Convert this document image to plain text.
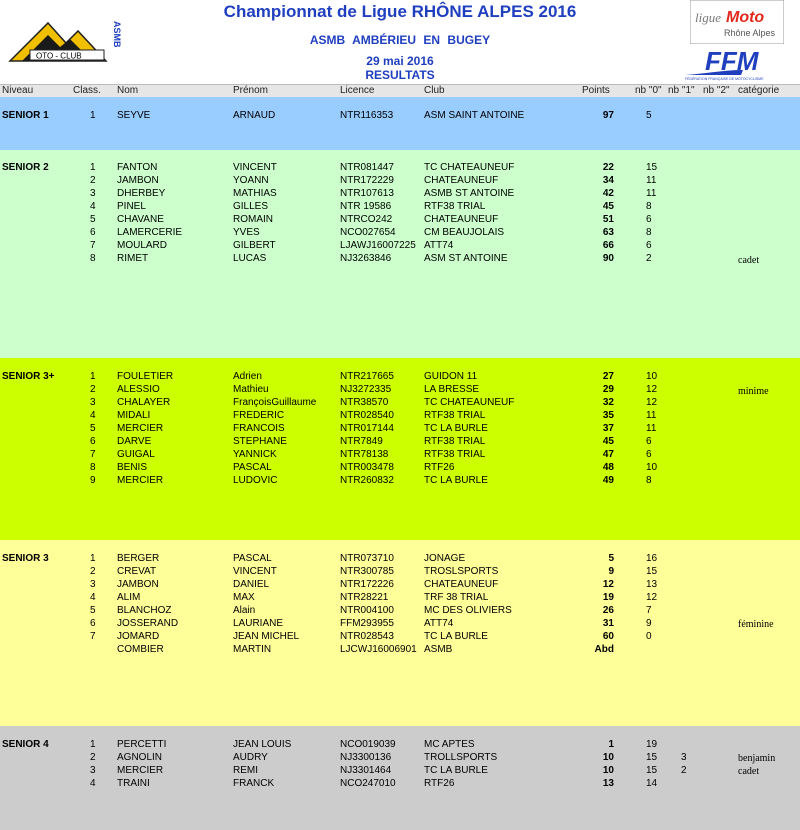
OTO - CLUB
ASMB
Championnat de Ligue RHÔNE ALPES 2016
ASMB AMBÉRIEU EN BUGEY
29 mai 2016
RESULTATS
ligue Moto
Rhône Alpes
FFM
FÉDÉRATION FRANÇAISE DE MOTOCYCLISME
Niveau	Class. Nom	Prénom	Licence	Club	Points	nb "0" nb "1" nb "2" catégorie
SENIOR 1	1 SEYVE	ARNAUD	NTR116353	ASM SAINT ANTOINE	97	5
SENIOR 2	1 FANTON	VINCENT	NTR081447	TC CHATEAUNEUF	22	15
2 JAMBON	YOANN	NTR172229	CHATEAUNEUF	34	11
3 DHERBEY	MATHIAS	NTR107613	ASMB ST ANTOINE	42	11
4 PINEL	GILLES	NTR 19586	RTF38 TRIAL	45	8
5 CHAVANE	ROMAIN	NTRCO242	CHATEAUNEUF	51	6
6 LAMERCERIE	YVES	NCO027654	CM BEAUJOLAIS	63	8
7 MOULARD	GILBERT	LJAWJ16007225 ATT74	66	6
8 RIMET	LUCAS	NJ3263846	ASM ST ANTOINE	90	2	cadet
SENIOR 3+	1 FOULETIER	Adrien	NTR217665	GUIDON 11	27	10
2 ALESSIO	Mathieu	NJ3272335	LA BRESSE	29	12	minime
3 CHALAYER	FrançoisGuillaume NTR38570	TC CHATEAUNEUF	32	12
4 MIDALI	FREDERIC	NTR028540	RTF38 TRIAL	35	11
5 MERCIER	FRANCOIS	NTR017144	TC LA BURLE	37	11
6 DARVE	STEPHANE	NTR7849	RTF38 TRIAL	45	6
7 GUIGAL	YANNICK	NTR78138	RTF38 TRIAL	47	6
8 BENIS	PASCAL	NTR003478	RTF26	48	10
9 MERCIER	LUDOVIC	NTR260832	TC LA BURLE	49	8
SENIOR 3	1 BERGER	PASCAL	NTR073710	JONAGE	5	16
2 CREVAT	VINCENT	NTR300785	TROSLSPORTS	9	15
3 JAMBON	DANIEL	NTR172226	CHATEAUNEUF	12	13
4 ALIM	MAX	NTR28221	TRF 38 TRIAL	19	12
5 BLANCHOZ	Alain	NTR004100	MC DES OLIVIERS	26	7
6 JOSSERAND	LAURIANE	FFM293955	ATT74	31	9	féminine
7 JOMARD	JEAN MICHEL	NTR028543	TC LA BURLE	60	0
COMBIER	MARTIN	LJCWJ16006901 ASMB	Abd
SENIOR 4	1 PERCETTI	JEAN LOUIS	NCO019039	MC APTES	1	19
2 AGNOLIN	AUDRY	NJ3300136	TROLLSPORTS	10	15 3	benjamin
3 MERCIER	REMI	NJ3301464	TC LA BURLE	10	15 2	cadet
4 TRAINI	FRANCK	NCO247010	RTF26	13	14
